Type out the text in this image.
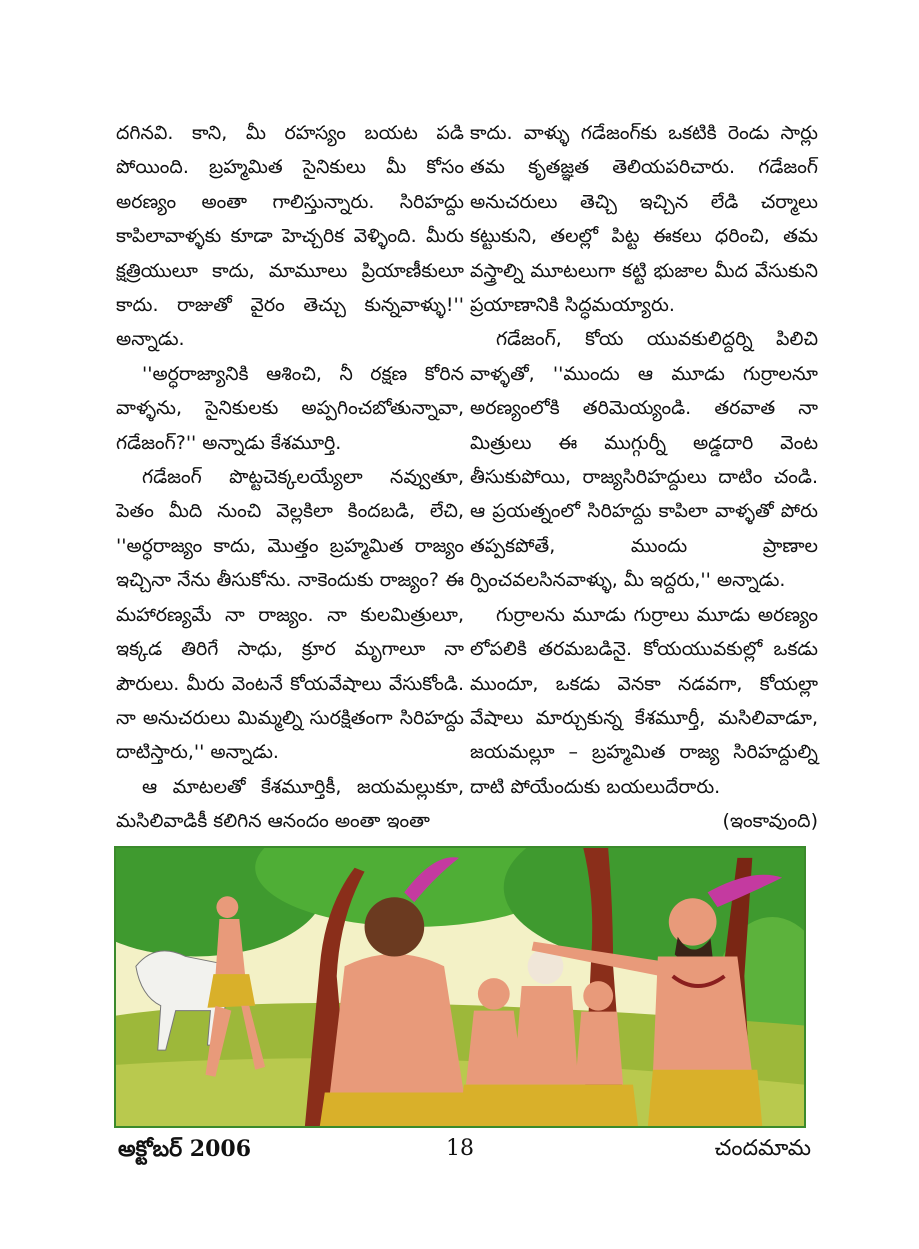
దగినవి. కాని, మీ రహస్యం బయట పడి పోయింది. బ్రహ్మమిత సైనికులు మీ కోసం అరణ్యం అంతా గాలిస్తున్నారు. సిరిహద్దు కాపిలావాళ్ళకు కూడా హెచ్చరిక వెళ్ళింది. మీరు క్షత్రియులూ కాదు, మామూలు ప్రియాణీకులూ కాదు. రాజుతో వైరం తెచ్చు కున్నవాళ్ళు!'' అన్నాడు.

''అర్ధరాజ్యానికి ఆశించి, నీ రక్షణ కోరిన వాళ్ళను, సైనికులకు అప్పగించబోతున్నావా, గడేజంగ్?'' అన్నాడు కేశమూర్తి.

గడేజంగ్ పొట్టచెక్కలయ్యేలా నవ్వుతూ, పెతం మీది నుంచి వెల్లకిలా కిందబడి, లేచి, ''అర్ధరాజ్యం కాదు, మొత్తం బ్రహ్మమిత రాజ్యం ఇచ్చినా నేను తీసుకోను. నాకెందుకు రాజ్యం? ఈ మహారణ్యమే నా రాజ్యం. నా కులమిత్రులూ, ఇక్కడ తిరిగే సాధు, క్రూర మృగాలూ నా పౌరులు. మీరు వెంటనే కోయవేషాలు వేసుకోండి. నా అనుచరులు మిమ్మల్ని సురక్షితంగా సిరిహద్దు దాటిస్తారు,'' అన్నాడు.

ఆ మాటలతో కేశమూర్తికీ, జయమల్లుకూ, మసిలివాడికీ కలిగిన ఆనందం అంతా ఇంతా

కాదు. వాళ్ళు గడేజంగ్‌కు ఒకటికి రెండు సార్లు తమ కృతజ్ఞత తెలియపరిచారు. గడేజంగ్ అనుచరులు తెచ్చి ఇచ్చిన లేడి చర్మాలు కట్టుకుని, తలల్లో పిట్ట ఈకలు ధరించి, తమ వస్త్రాల్ని మూటలుగా కట్టి భుజాల మీద వేసుకుని ప్రయాణానికి సిద్ధమయ్యారు.

గడేజంగ్, కోయ యువకులిద్దర్ని పిలిచి వాళ్ళతో, ''ముందు ఆ మూడు గుర్రాలనూ అరణ్యంలోకి తరిమెయ్యండి. తరవాత నా మిత్రులు ఈ ముగ్గుర్నీ అడ్డదారి వెంట తీసుకుపోయి, రాజ్యసిరిహద్దులు దాటిం చండి. ఆ ప్రయత్నంలో సిరిహద్దు కాపిలా వాళ్ళతో పోరు తప్పకపోతే, ముందు ప్రాణాల ర్పించవలసినవాళ్ళు, మీ ఇద్దరు,'' అన్నాడు.

గుర్రాలను మూడు గుర్రాలు మూడు అరణ్యం లోపలికి తరమబడినై. కోయయువకుల్లో ఒకడు ముందూ, ఒకడు వెనకా నడవగా, కోయల్లా వేషాలు మార్చుకున్న కేశమూర్తీ, మసిలివాడూ, జయమల్లూ – బ్రహ్మమిత రాజ్య సిరిహద్దుల్ని దాటి పోయేందుకు బయలుదేరారు.
(ఇంకావుంది)

అక్టోబర్ 2006	18	చందమామ
